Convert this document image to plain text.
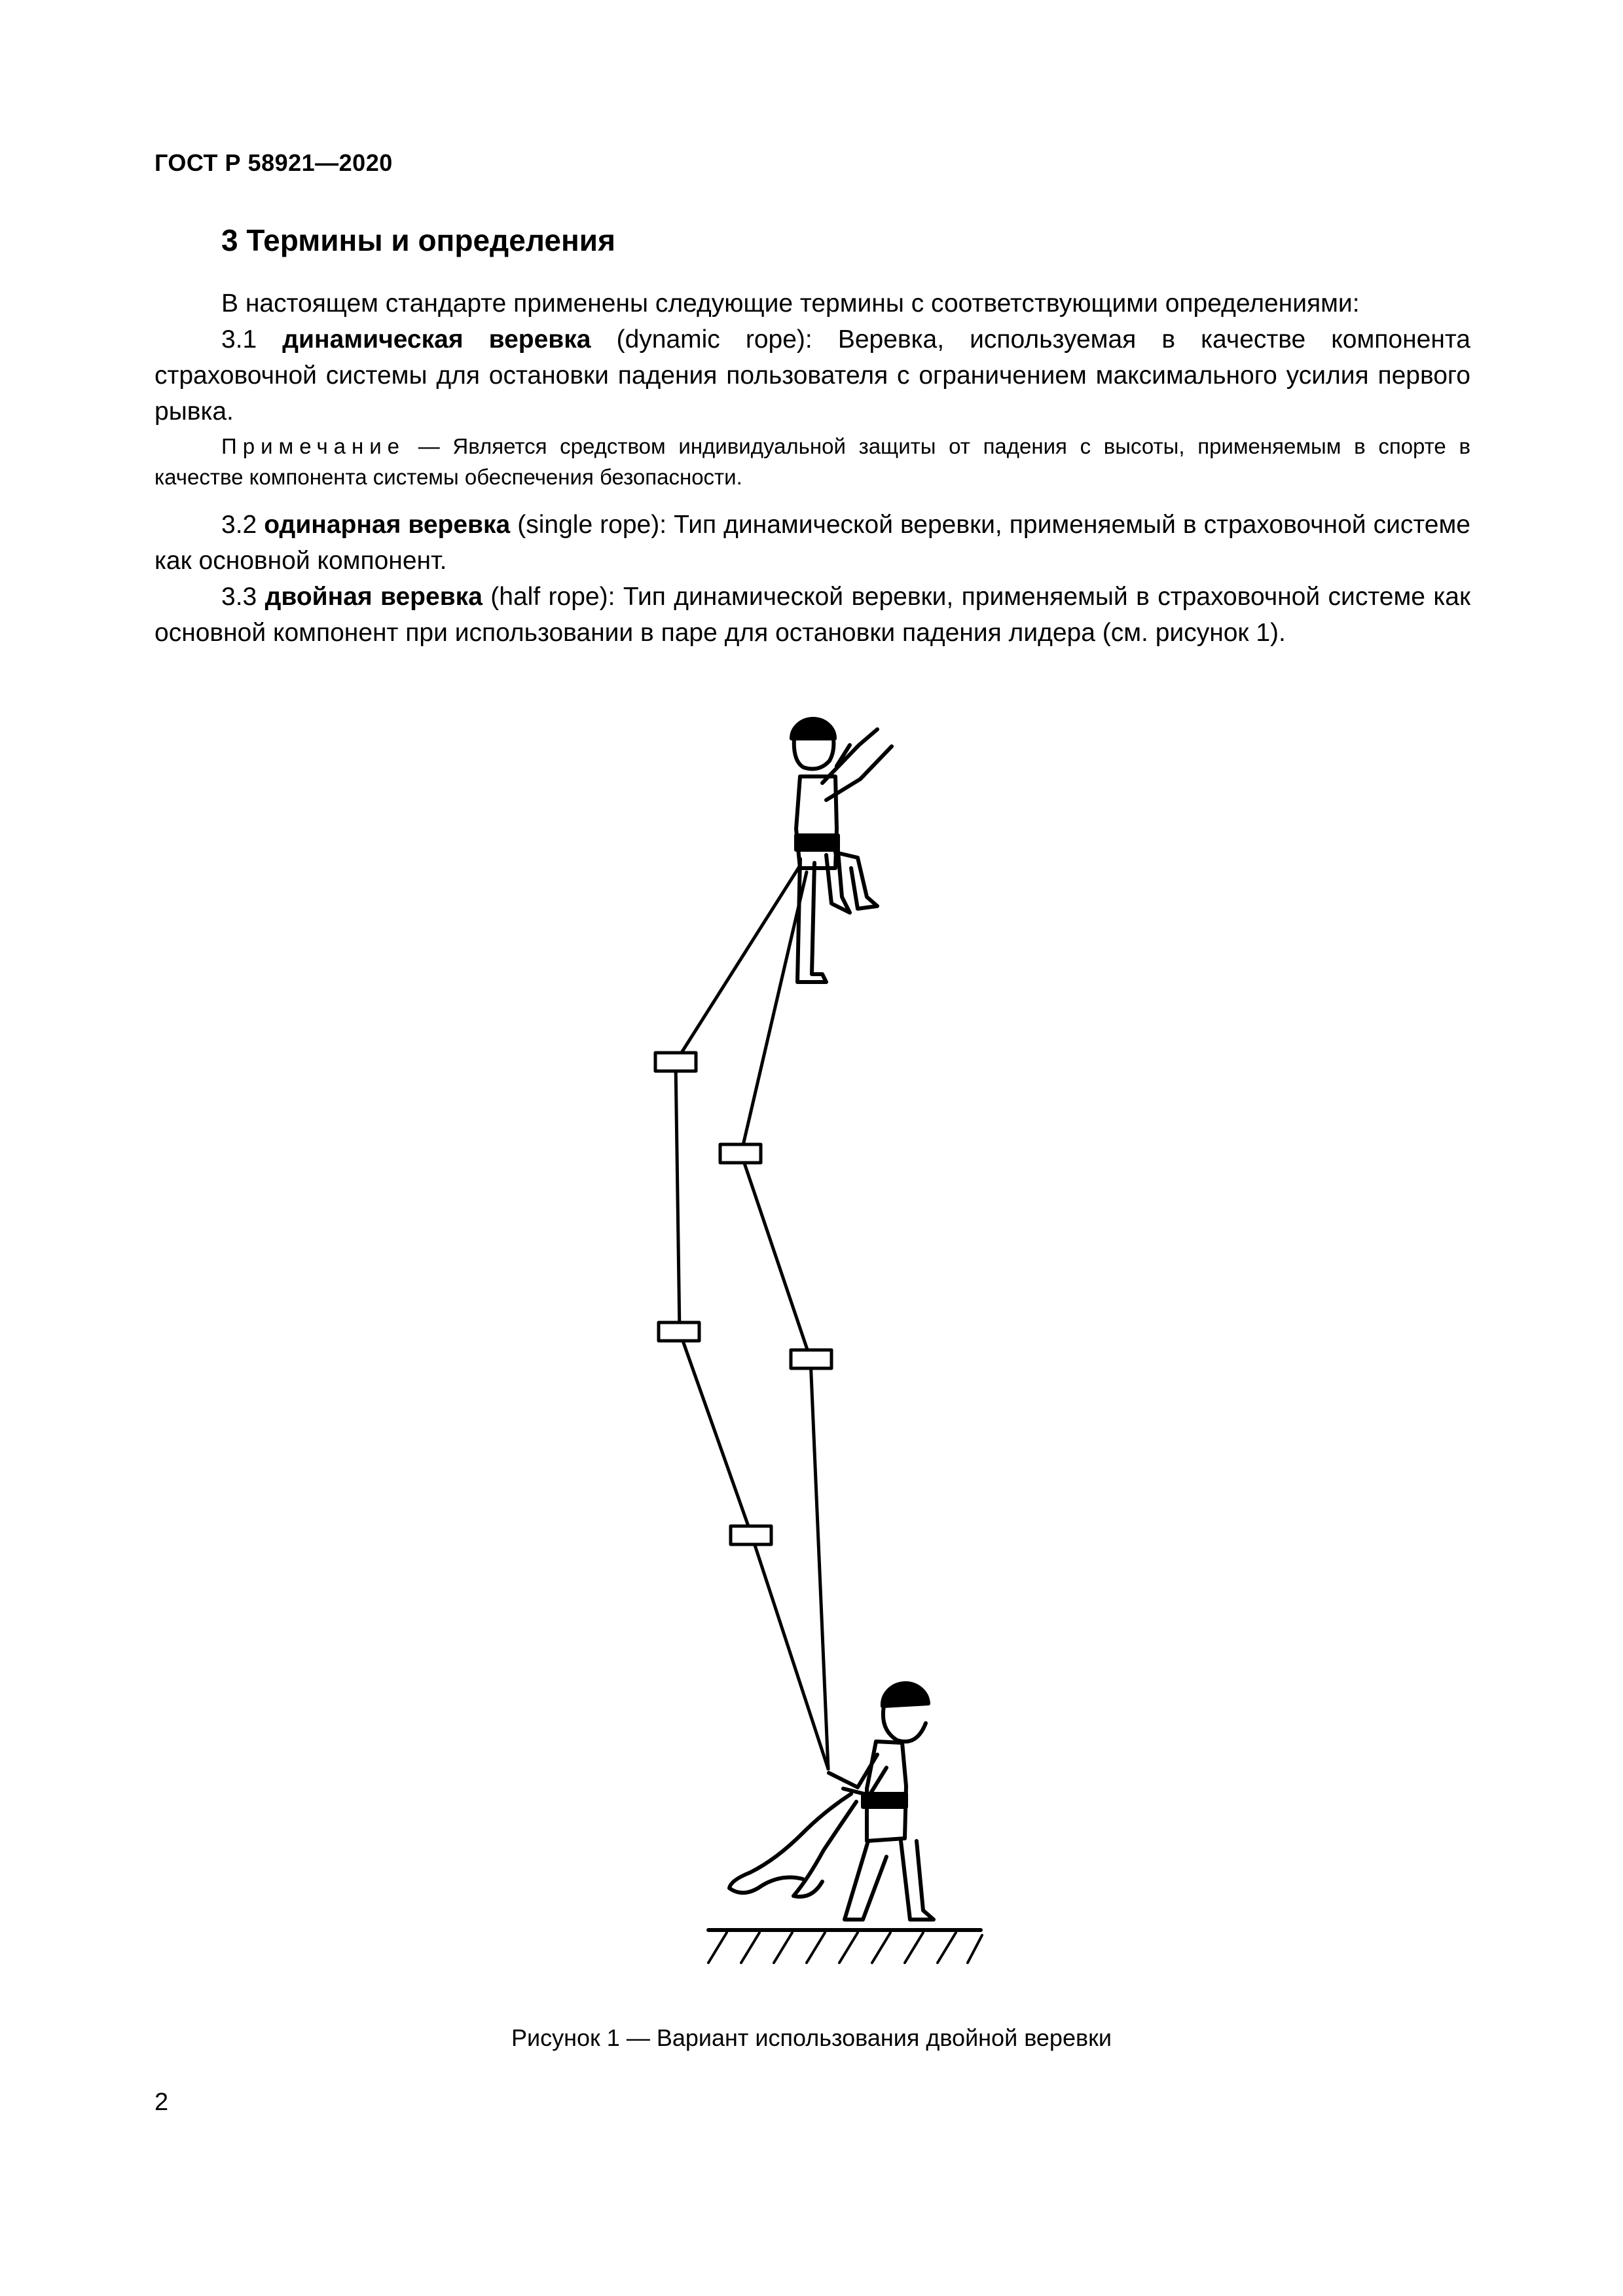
ГОСТ Р 58921—2020
3 Термины и определения

В настоящем стандарте применены следующие термины с соответствующими определениями:

3.1 динамическая веревка (dynamic rope): Веревка, используемая в качестве компонента страховочной системы для остановки падения пользователя с ограничением максимального усилия первого рывка.

Примечание — Является средством индивидуальной защиты от падения с высоты, применяемым в спорте в качестве компонента системы обеспечения безопасности.

3.2 одинарная веревка (single rope): Тип динамической веревки, применяемый в страховочной системе как основной компонент.

3.3 двойная веревка (half rope): Тип динамической веревки, применяемый в страховочной системе как основной компонент при использовании в паре для остановки падения лидера (см. рисунок 1).

Рисунок 1 — Вариант использования двойной веревки
2
